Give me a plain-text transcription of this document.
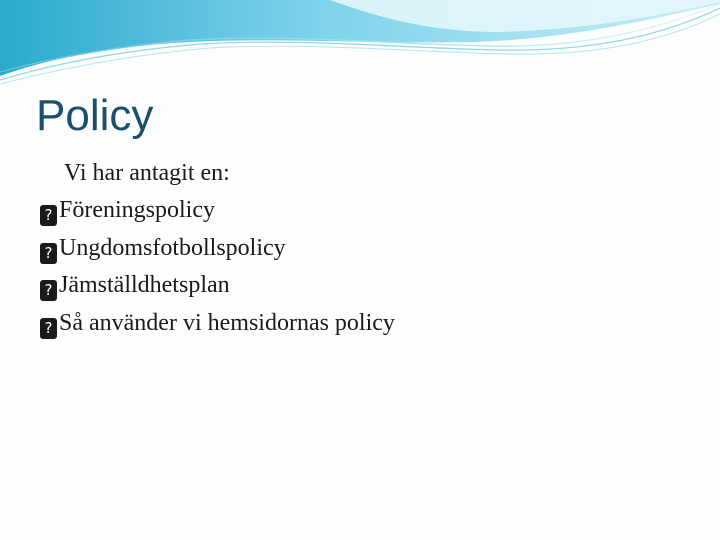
Policy
Vi har antagit en:
? Föreningspolicy
? Ungdomsfotbollspolicy
? Jämställdhetsplan
? Så använder vi hemsidornas policy
